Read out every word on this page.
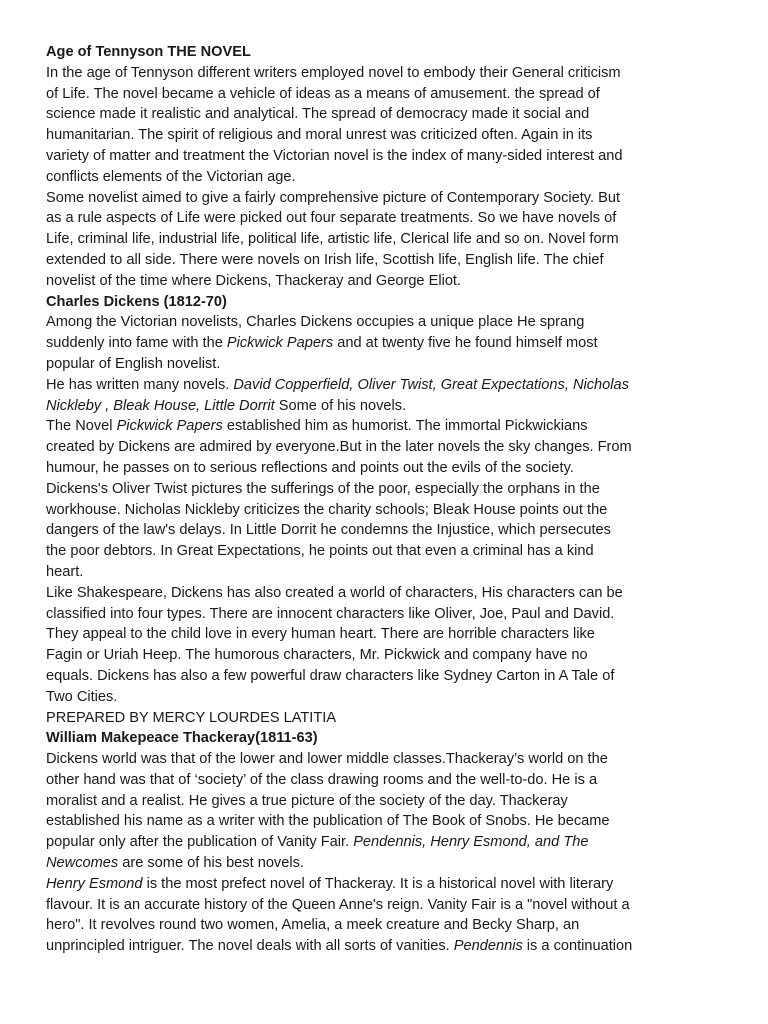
Age of Tennyson THE NOVEL
In the age of Tennyson different writers employed novel to embody their General criticism
of Life. The novel became a vehicle of ideas as a means of amusement. the spread of
science made it realistic and analytical. The spread of democracy made it social and
humanitarian. The spirit of religious and moral unrest was criticized often. Again in its
variety of matter and treatment the Victorian novel is the index of many-sided interest and
conflicts elements of the Victorian age.
Some novelist aimed to give a fairly comprehensive picture of Contemporary Society. But
as a rule aspects of Life were picked out four separate treatments. So we have novels of
Life, criminal life, industrial life, political life, artistic life, Clerical life and so on. Novel form
extended to all side. There were novels on Irish life, Scottish life, English life. The chief
novelist of the time where Dickens, Thackeray and George Eliot.
Charles Dickens (1812-70)
Among the Victorian novelists, Charles Dickens occupies a unique place He sprang
suddenly into fame with the Pickwick Papers and at twenty five he found himself most
popular of English novelist.
He has written many novels. David Copperfield, Oliver Twist, Great Expectations, Nicholas
Nickleby , Bleak House, Little Dorrit Some of his novels.
The Novel Pickwick Papers established him as humorist. The immortal Pickwickians
created by Dickens are admired by everyone.But in the later novels the sky changes. From
humour, he passes on to serious reflections and points out the evils of the society.
Dickens's Oliver Twist pictures the sufferings of the poor, especially the orphans in the
workhouse. Nicholas Nickleby criticizes the charity schools; Bleak House points out the
dangers of the law's delays. In Little Dorrit he condemns the Injustice, which persecutes
the poor debtors. In Great Expectations, he points out that even a criminal has a kind
heart.
Like Shakespeare, Dickens has also created a world of characters, His characters can be
classified into four types. There are innocent characters like Oliver, Joe, Paul and David.
They appeal to the child love in every human heart. There are horrible characters like
Fagin or Uriah Heep. The humorous characters, Mr. Pickwick and company have no
equals. Dickens has also a few powerful draw characters like Sydney Carton in A Tale of
Two Cities.
PREPARED BY MERCY LOURDES LATITIA
William Makepeace Thackeray(1811-63)
Dickens world was that of the lower and lower middle classes.Thackeray’s world on the
other hand was that of ‘society’ of the class drawing rooms and the well-to-do. He is a
moralist and a realist. He gives a true picture of the society of the day. Thackeray
established his name as a writer with the publication of The Book of Snobs. He became
popular only after the publication of Vanity Fair. Pendennis, Henry Esmond, and The
Newcomes are some of his best novels.
Henry Esmond is the most prefect novel of Thackeray. It is a historical novel with literary
flavour. It is an accurate history of the Queen Anne's reign. Vanity Fair is a "novel without a
hero". It revolves round two women, Amelia, a meek creature and Becky Sharp, an
unprincipled intriguer. The novel deals with all sorts of vanities. Pendennis is a continuation
